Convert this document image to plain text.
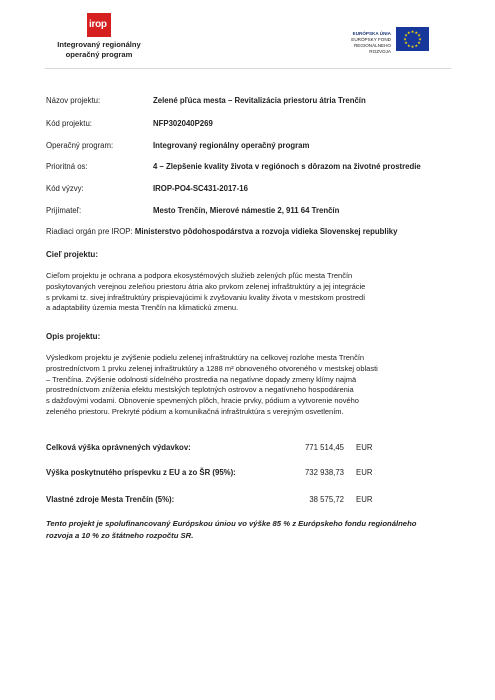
irop
Integrovaný regionálny
operačný program
EURÓPSKA ÚNIA
EURÓPSKY FOND
REGIONÁLNEHO ROZVOJA
★ ★
★
★
★
★
★
★
★
★
★
★
Názov projektu:	Zelené pľúca mesta – Revitalizácia priestoru átria Trenčín
Kód projektu:	NFP302040P269
Operačný program:	Integrovaný regionálny operačný program
Prioritná os:	4 – Zlepšenie kvality života v regiónoch s dôrazom na životné prostredie
Kód výzvy:	IROP-PO4-SC431-2017-16
Prijímateľ:	Mesto Trenčín, Mierové námestie 2, 911 64 Trenčín
Riadiaci orgán pre IROP: Ministerstvo pôdohospodárstva a rozvoja vidieka Slovenskej republiky
Cieľ projektu:
Cieľom projektu je ochrana a podpora ekosystémových služieb zelených pľúc mesta Trenčín
poskytovaných verejnou zeleňou priestoru átria ako prvkom zelenej infraštruktúry a jej integrácie
s prvkami tz. sivej infraštruktúry prispievajúcimi k zvyšovaniu kvality života v mestskom prostredí
a adaptability územia mesta Trenčín na klimatickú zmenu.
Opis projektu:
Výsledkom projektu je zvýšenie podielu zelenej infraštruktúry na celkovej rozlohe mesta Trenčín
prostredníctvom 1 prvku zelenej infraštruktúry a 1288 m² obnoveného otvoreného v mestskej oblasti
– Trenčína. Zvýšenie odolnosti sídelného prostredia na negatívne dopady zmeny klímy najmä
prostredníctvom zníženia efektu mestských teplotných ostrovov a negatívneho hospodárenia
s dažďovými vodami. Obnovenie spevnených plôch, hracie prvky, pódium a vytvorenie nového
zeleného priestoru. Prekryté pódium a komunikačná infraštruktúra s verejným osvetlením.
Celková výška oprávnených výdavkov:	771 514,45 EUR
Výška poskytnutého príspevku z EU a zo ŠR (95%):	732 938,73 EUR
Vlastné zdroje Mesta Trenčín (5%):	38 575,72 EUR
Tento projekt je spolufinancovaný Európskou úniou vo výške 85 % z Európskeho fondu regionálneho
rozvoja a 10 % zo štátneho rozpočtu SR.
